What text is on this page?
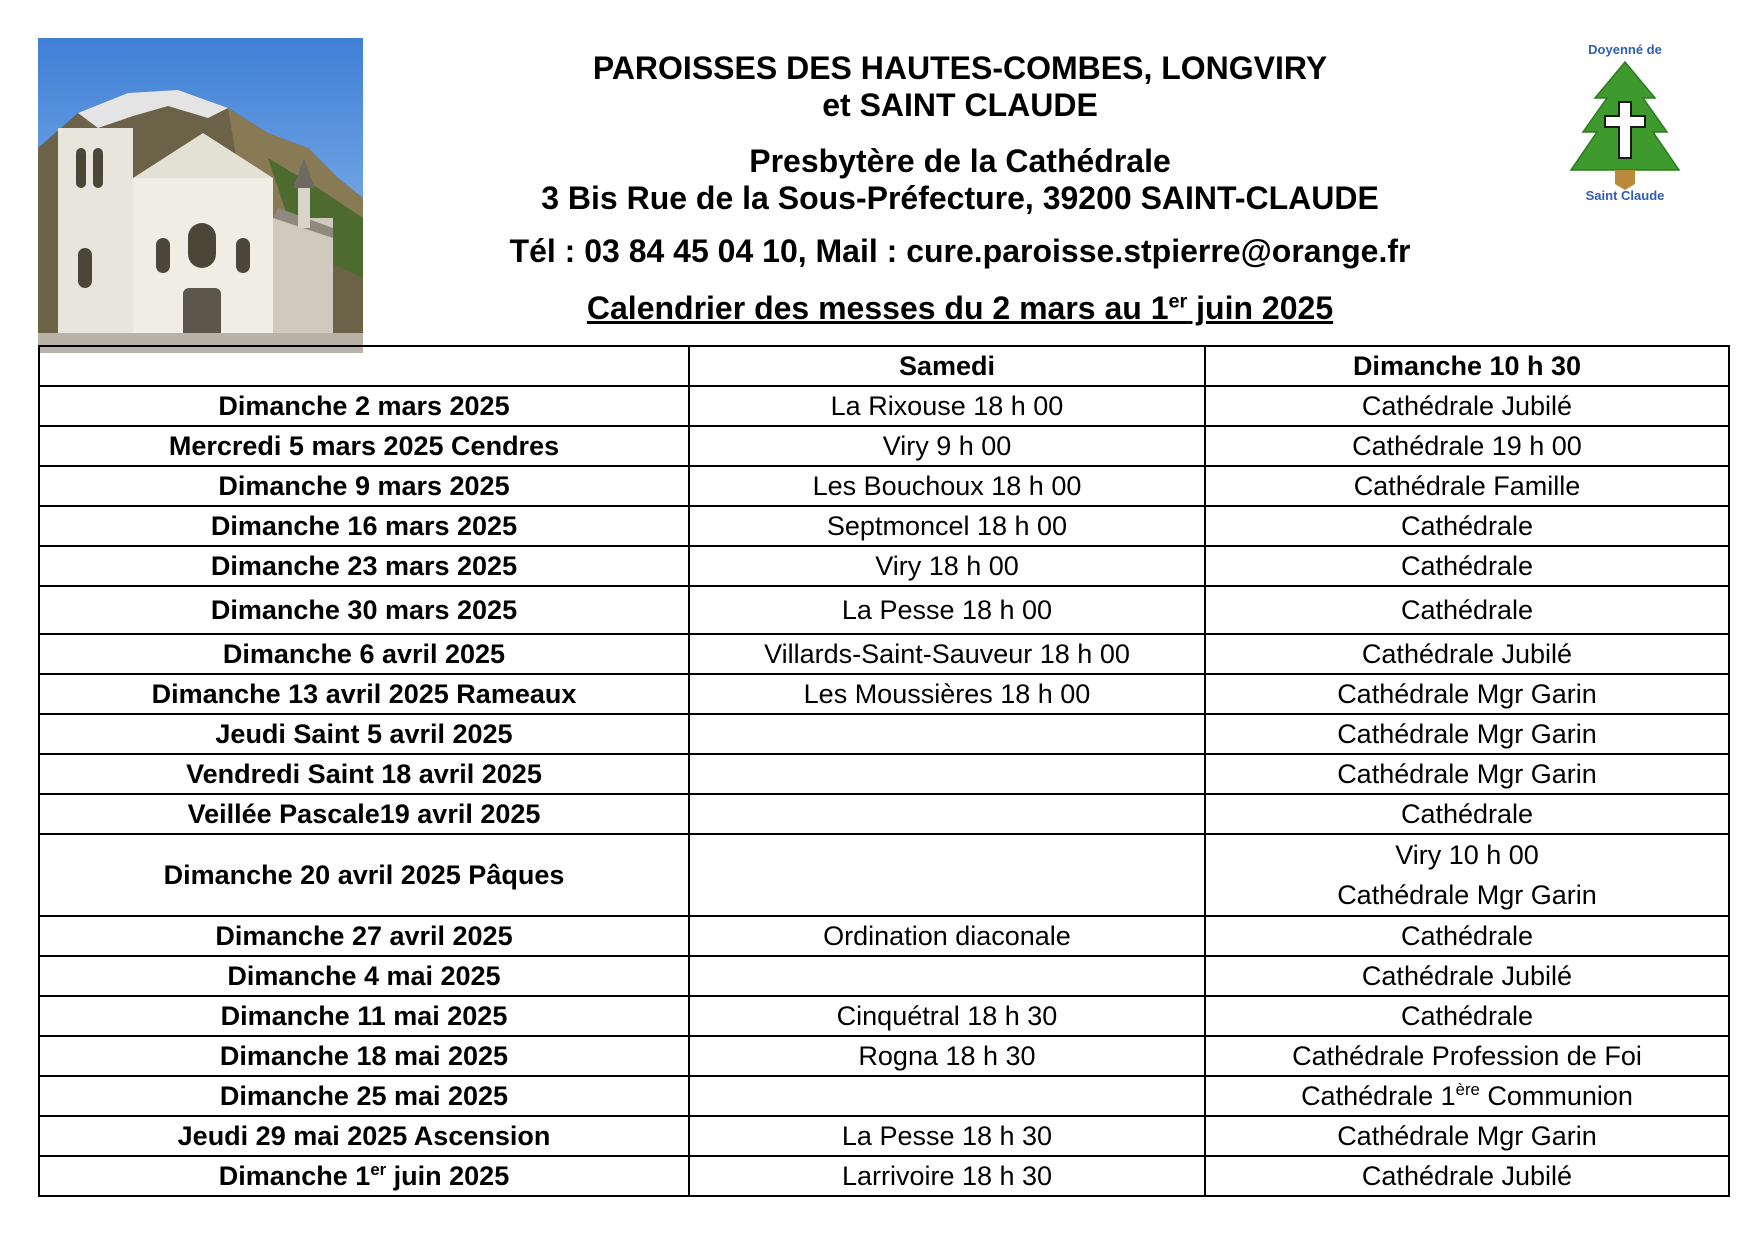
Doyenné de
Saint Claude
PAROISSES DES HAUTES-COMBES, LONGVIRY
et SAINT CLAUDE
Presbytère de la Cathédrale
3 Bis Rue de la Sous-Préfecture, 39200 SAINT-CLAUDE
Tél : 03 84 45 04 10, Mail : cure.paroisse.stpierre@orange.fr
Calendrier des messes du 2 mars au 1er juin 2025
	Samedi	Dimanche 10 h 30
Dimanche 2 mars 2025	La Rixouse 18 h 00	Cathédrale Jubilé
Mercredi 5 mars 2025 Cendres	Viry 9 h 00	Cathédrale 19 h 00
Dimanche 9 mars 2025	Les Bouchoux 18 h 00	Cathédrale Famille
Dimanche 16 mars 2025	Septmoncel 18 h 00	Cathédrale
Dimanche 23 mars 2025	Viry 18 h 00	Cathédrale
Dimanche 30 mars 2025	La Pesse 18 h 00	Cathédrale
Dimanche 6 avril 2025	Villards-Saint-Sauveur 18 h 00	Cathédrale Jubilé
Dimanche 13 avril 2025 Rameaux	Les Moussières 18 h 00	Cathédrale Mgr Garin
Jeudi Saint 5 avril 2025		Cathédrale Mgr Garin
Vendredi Saint 18 avril 2025		Cathédrale Mgr Garin
Veillée Pascale19 avril 2025		Cathédrale
Dimanche 20 avril 2025 Pâques		Viry 10 h 00
Cathédrale Mgr Garin

Dimanche 27 avril 2025	Ordination diaconale	Cathédrale
Dimanche 4 mai 2025		Cathédrale Jubilé
Dimanche 11 mai 2025	Cinquétral 18 h 30	Cathédrale
Dimanche 18 mai 2025	Rogna 18 h 30	Cathédrale Profession de Foi
Dimanche 25 mai 2025		Cathédrale 1ère Communion
Jeudi 29 mai 2025 Ascension	La Pesse 18 h 30	Cathédrale Mgr Garin
Dimanche 1er juin 2025	Larrivoire 18 h 30	Cathédrale Jubilé
